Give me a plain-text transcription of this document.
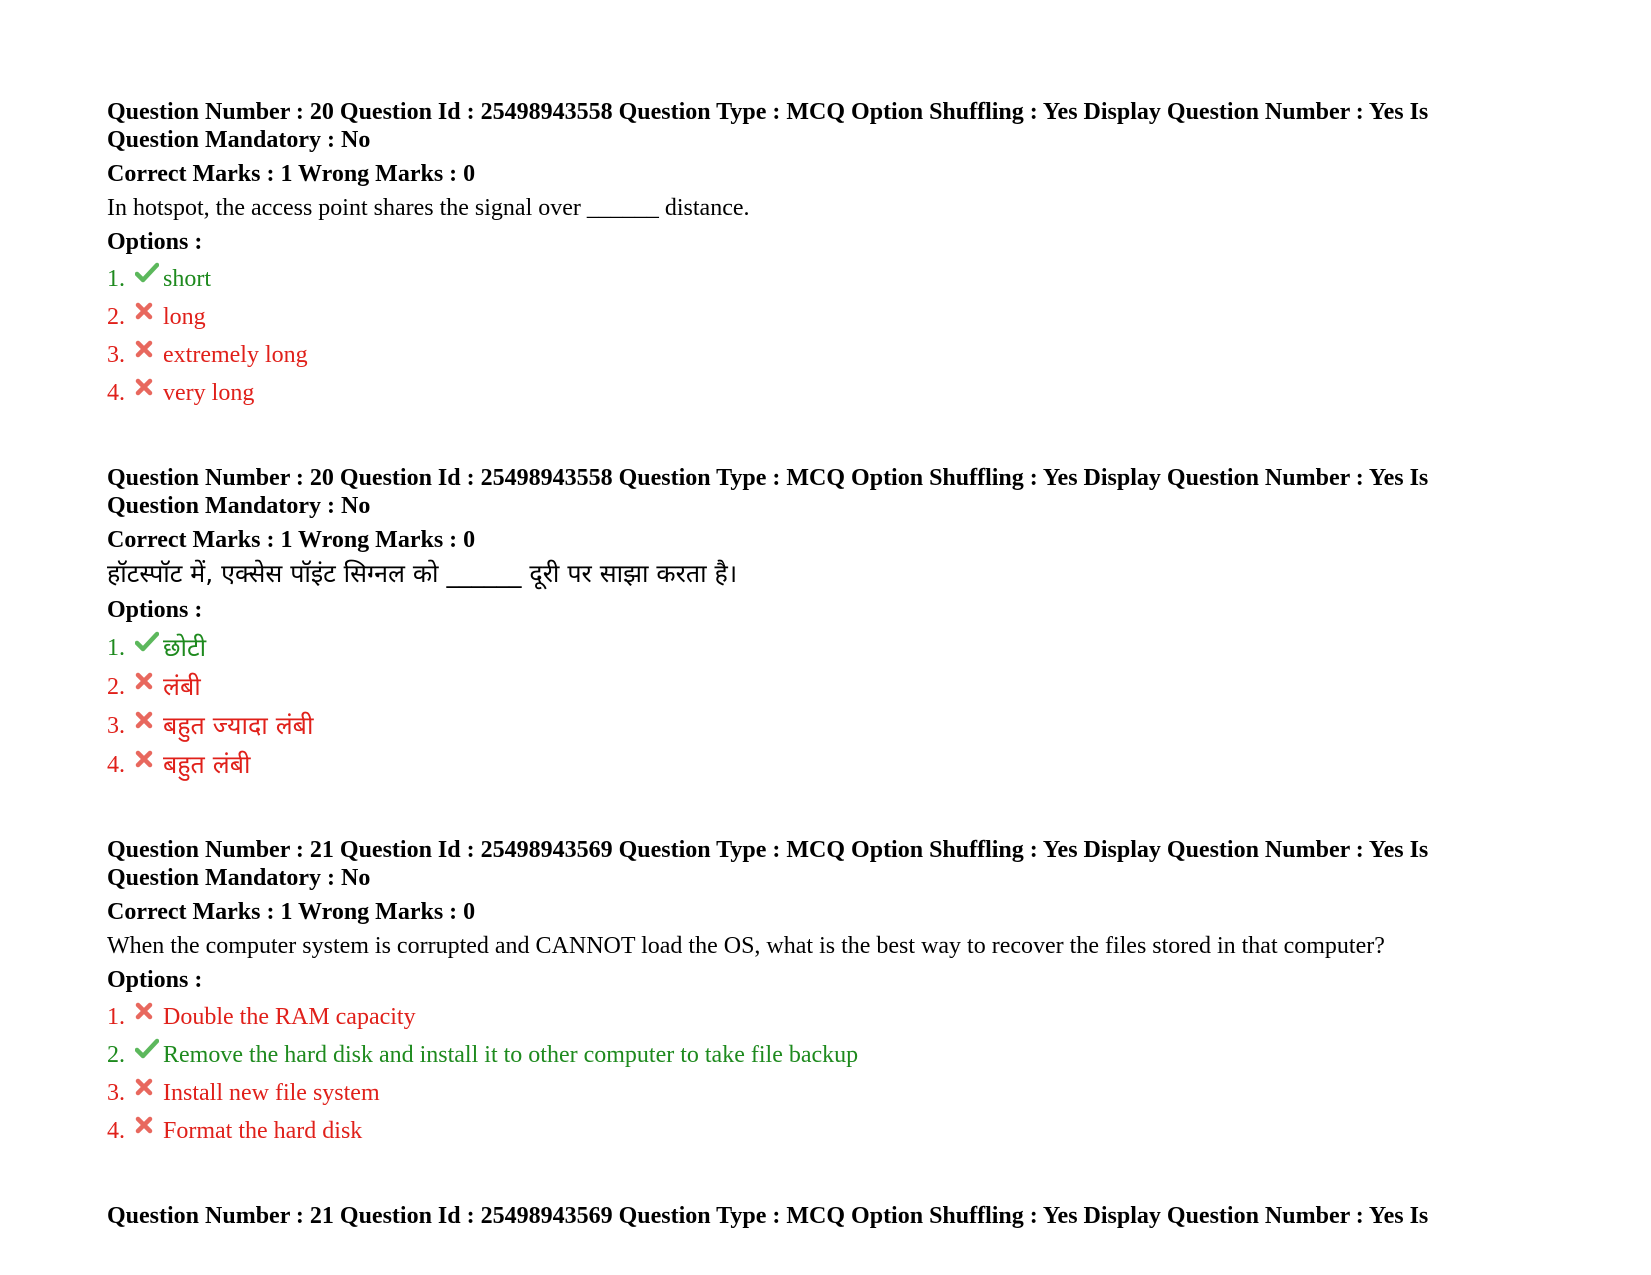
Question Number : 20 Question Id : 25498943558 Question Type : MCQ Option Shuffling : Yes Display Question Number : Yes Is
Question Mandatory : No

Correct Marks : 1 Wrong Marks : 0

In hotspot, the access point shares the signal over ______ distance.

Options :

1.	short
2.	long
3.	extremely long
4.	very long

Question Number : 20 Question Id : 25498943558 Question Type : MCQ Option Shuffling : Yes Display Question Number : Yes Is
Question Mandatory : No

Correct Marks : 1 Wrong Marks : 0

हॉटस्पॉट में, एक्सेस पॉइंट सिग्नल को ______ दूरी पर साझा करता है।

Options :

1.	छोटी
2.	लंबी
3.	बहुत ज्यादा लंबी
4.	बहुत लंबी

Question Number : 21 Question Id : 25498943569 Question Type : MCQ Option Shuffling : Yes Display Question Number : Yes Is
Question Mandatory : No

Correct Marks : 1 Wrong Marks : 0

When the computer system is corrupted and CANNOT load the OS, what is the best way to recover the files stored in that computer?

Options :

1.	Double the RAM capacity
2.	Remove the hard disk and install it to other computer to take file backup
3.	Install new file system
4.	Format the hard disk

Question Number : 21 Question Id : 25498943569 Question Type : MCQ Option Shuffling : Yes Display Question Number : Yes Is
